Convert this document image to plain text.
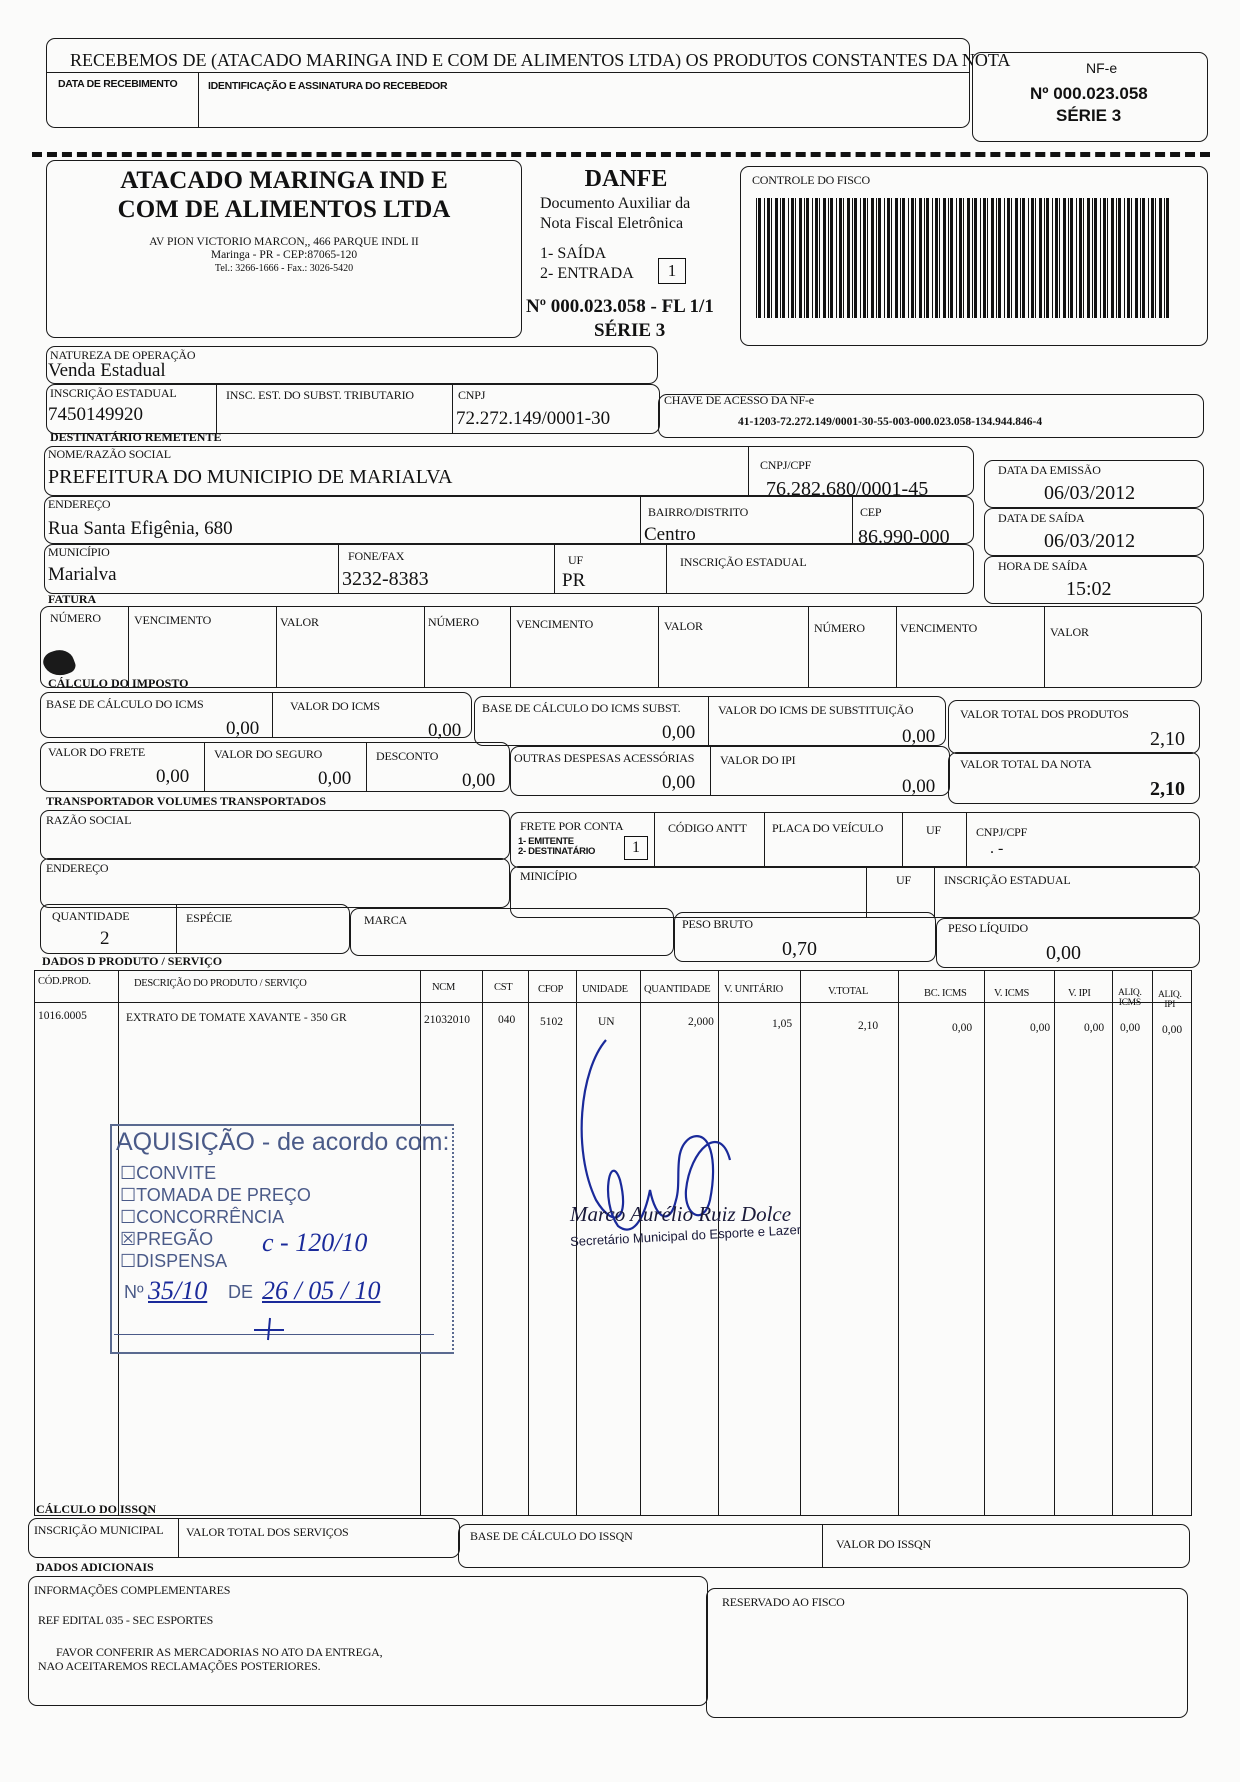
RECEBEMOS DE (ATACADO MARINGA IND E COM DE ALIMENTOS LTDA) OS PRODUTOS CONSTANTES DA NOTA
DATA DE RECEBIMENTO	IDENTIFICAÇÃO E ASSINATURA DO RECEBEDOR
NF-e
Nº 000.023.058
SÉRIE 3
ATACADO MARINGA IND E
COM DE ALIMENTOS LTDA
AV PION VICTORIO MARCON,, 466 PARQUE INDL II
Maringa - PR - CEP:87065-120
Tel.: 3266-1666 - Fax.: 3026-5420
DANFE
Documento Auxiliar da
Nota Fiscal Eletrônica
1- SAÍDA
2- ENTRADA	1
Nº 000.023.058 - FL 1/1
SÉRIE 3
CONTROLE DO FISCO
NATUREZA DE OPERAÇÃO
Venda Estadual
INSCRIÇÃO ESTADUAL
7450149920
INSC. EST. DO SUBST. TRIBUTARIO	CNPJ
72.272.149/0001-30
CHAVE DE ACESSO DA NF-e
41-1203-72.272.149/0001-30-55-003-000.023.058-134.944.846-4
DESTINATÁRIO REMETENTE
NOME/RAZÃO SOCIAL
PREFEITURA DO MUNICIPIO DE MARIALVA
CNPJ/CPF
76.282.680/0001-45
ENDEREÇO
Rua Santa Efigênia, 680
BAIRRO/DISTRITO
Centro
CEP
86.990-000
MUNICÍPIO
Marialva
FONE/FAX
3232-8383
UF
PR
INSCRIÇÃO ESTADUAL
DATA DA EMISSÃO
06/03/2012
DATA DE SAÍDA
06/03/2012
HORA DE SAÍDA
15:02
FATURA
NÚMERO	VENCIMENTO	VALOR	NÚMERO	VENCIMENTO	VALOR	NÚMERO	VENCIMENTO	VALOR
CÁLCULO DO IMPOSTO
BASE DE CÁLCULO DO ICMS
0,00
VALOR DO ICMS
0,00
BASE DE CÁLCULO DO ICMS SUBST.
0,00
VALOR DO ICMS DE SUBSTITUIÇÃO
0,00
VALOR TOTAL DOS PRODUTOS
2,10
VALOR DO FRETE
0,00
VALOR DO SEGURO
0,00
DESCONTO
0,00
OUTRAS DESPESAS ACESSÓRIAS
0,00
VALOR DO IPI
0,00
VALOR TOTAL DA NOTA
2,10
TRANSPORTADOR VOLUMES TRANSPORTADOS
RAZÃO SOCIAL	FRETE POR CONTA
1- EMITENTE
2- DESTINATÁRIO	1
CÓDIGO ANTT PLACA DO VEÍCULO	UF	CNPJ/CPF
. -
ENDEREÇO
MINICÍPIO	UF	INSCRIÇÃO ESTADUAL
QUANTIDADE
2
ESPÉCIE	MARCA	PESO BRUTO
0,70
PESO LÍQUIDO
0,00
DADOS D PRODUTO / SERVIÇO
CÓD.PROD.	DESCRIÇÃO DO PRODUTO / SERVIÇO	NCM	CST CFOP UNIDADE QUANTIDADE V. UNITÁRIO	V.TOTAL	BC. ICMS	V. ICMS	V. IPI	ALIQ.
ICMS
ALIQ.
IPI
1016.0005	EXTRATO DE TOMATE XAVANTE - 350 GR	21032010 040 5102	UN	2,000	1,05	2,10	0,00	0,00	0,00 0,00 0,00
AQUISIÇÃO - de acordo com:
☐CONVITE
☐TOMADA DE PREÇO
☐CONCORRÊNCIA
☒PREGÃO
☐DISPENSA
c - 120/10
Nº 35/10 DE 26 / 05 / 10
Marco Aurélio Ruiz Dolce
Secretário Municipal do Esporte e Lazer
CÁLCULO DO ISSQN
INSCRIÇÃO MUNICIPAL VALOR TOTAL DOS SERVIÇOS	BASE DE CÁLCULO DO ISSQN
VALOR DO ISSQN
DADOS ADICIONAIS
INFORMAÇÕES COMPLEMENTARES
REF EDITAL 035 - SEC ESPORTES
FAVOR CONFERIR AS MERCADORIAS NO ATO DA ENTREGA,
NAO ACEITAREMOS RECLAMAÇÕES POSTERIORES.
RESERVADO AO FISCO
